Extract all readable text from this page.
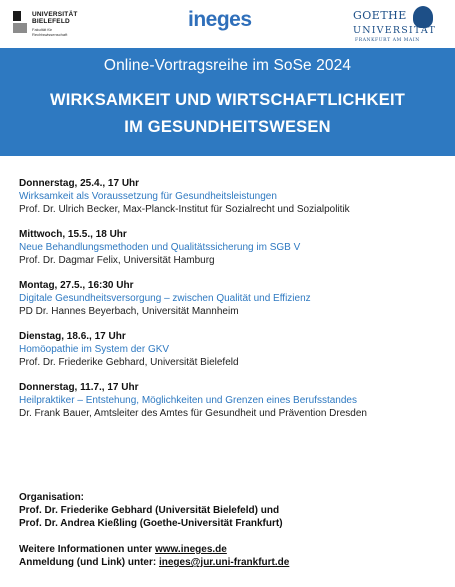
UNIVERSITÄT
BIELEFELD
Fakultät für
Rechtswissenschaft
ineges	GOETHE
UNIVERSITÄT
FRANKFURT AM MAIN
Online-Vortragsreihe im SoSe 2024
WIRKSAMKEIT UND WIRTSCHAFTLICHKEIT
IM GESUNDHEITSWESEN
Donnerstag, 25.4., 17 Uhr
Wirksamkeit als Voraussetzung für Gesundheitsleistungen
Prof. Dr. Ulrich Becker, Max-Planck-Institut für Sozialrecht und Sozialpolitik
Mittwoch, 15.5., 18 Uhr
Neue Behandlungsmethoden und Qualitätssicherung im SGB V
Prof. Dr. Dagmar Felix, Universität Hamburg
Montag, 27.5., 16:30 Uhr
Digitale Gesundheitsversorgung – zwischen Qualität und Effizienz
PD Dr. Hannes Beyerbach, Universität Mannheim
Dienstag, 18.6., 17 Uhr
Homöopathie im System der GKV
Prof. Dr. Friederike Gebhard, Universität Bielefeld
Donnerstag, 11.7., 17 Uhr
Heilpraktiker – Entstehung, Möglichkeiten und Grenzen eines Berufsstandes
Dr. Frank Bauer, Amtsleiter des Amtes für Gesundheit und Prävention Dresden
Organisation:
Prof. Dr. Friederike Gebhard (Universität Bielefeld) und
Prof. Dr. Andrea Kießling (Goethe-Universität Frankfurt)
Weitere Informationen unter www.ineges.de
Anmeldung (und Link) unter: ineges@jur.uni-frankfurt.de
